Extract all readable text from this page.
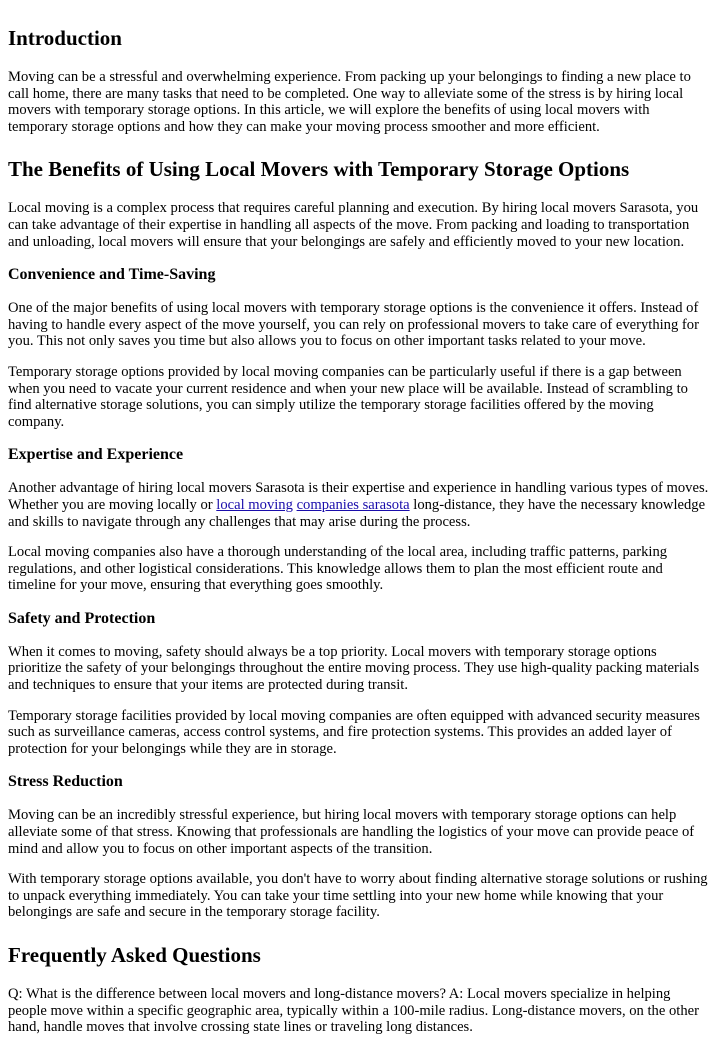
Introduction

Moving can be a stressful and overwhelming experience. From packing up your belongings to finding a new place to call home, there are many tasks that need to be completed. One way to alleviate some of the stress is by hiring local movers with temporary storage options. In this article, we will explore the benefits of using local movers with temporary storage options and how they can make your moving process smoother and more efficient.

The Benefits of Using Local Movers with Temporary Storage Options

Local moving is a complex process that requires careful planning and execution. By hiring local movers Sarasota, you can take advantage of their expertise in handling all aspects of the move. From packing and loading to transportation and unloading, local movers will ensure that your belongings are safely and efficiently moved to your new location.

Convenience and Time-Saving

One of the major benefits of using local movers with temporary storage options is the convenience it offers. Instead of having to handle every aspect of the move yourself, you can rely on professional movers to take care of everything for you. This not only saves you time but also allows you to focus on other important tasks related to your move.

Temporary storage options provided by local moving companies can be particularly useful if there is a gap between when you need to vacate your current residence and when your new place will be available. Instead of scrambling to find alternative storage solutions, you can simply utilize the temporary storage facilities offered by the moving company.

Expertise and Experience

Another advantage of hiring local movers Sarasota is their expertise and experience in handling various types of moves. Whether you are moving locally or local moving companies sarasota long-distance, they have the necessary knowledge and skills to navigate through any challenges that may arise during the process.

Local moving companies also have a thorough understanding of the local area, including traffic patterns, parking regulations, and other logistical considerations. This knowledge allows them to plan the most efficient route and timeline for your move, ensuring that everything goes smoothly.

Safety and Protection

When it comes to moving, safety should always be a top priority. Local movers with temporary storage options prioritize the safety of your belongings throughout the entire moving process. They use high-quality packing materials and techniques to ensure that your items are protected during transit.

Temporary storage facilities provided by local moving companies are often equipped with advanced security measures such as surveillance cameras, access control systems, and fire protection systems. This provides an added layer of protection for your belongings while they are in storage.

Stress Reduction

Moving can be an incredibly stressful experience, but hiring local movers with temporary storage options can help alleviate some of that stress. Knowing that professionals are handling the logistics of your move can provide peace of mind and allow you to focus on other important aspects of the transition.

With temporary storage options available, you don't have to worry about finding alternative storage solutions or rushing to unpack everything immediately. You can take your time settling into your new home while knowing that your belongings are safe and secure in the temporary storage facility.

Frequently Asked Questions

Q: What is the difference between local movers and long-distance movers? A: Local movers specialize in helping people move within a specific geographic area, typically within a 100-mile radius. Long-distance movers, on the other hand, handle moves that involve crossing state lines or traveling long distances.
